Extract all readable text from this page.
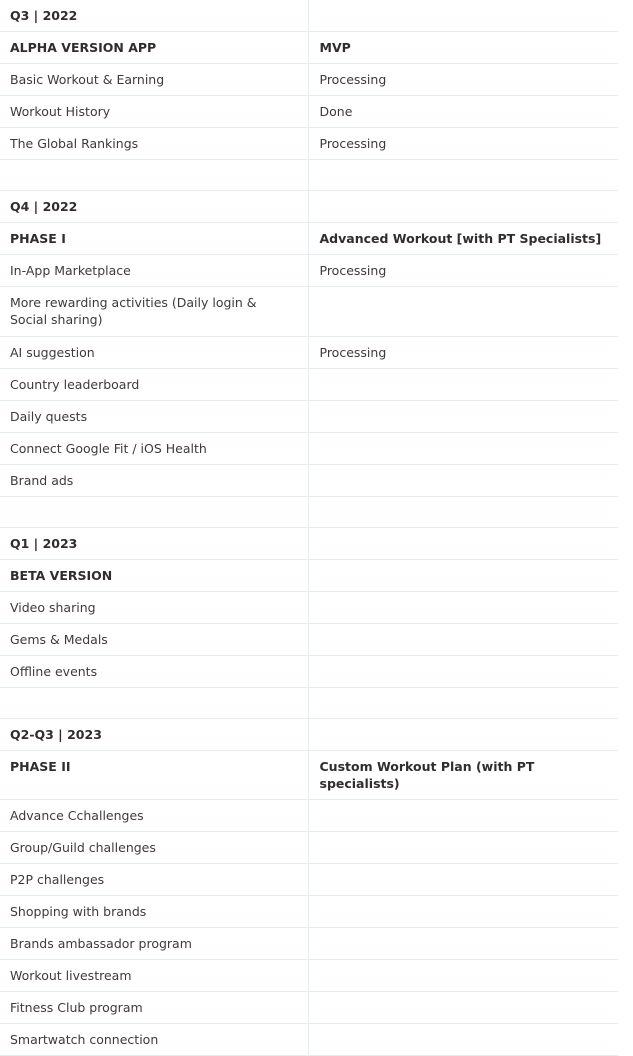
Q3 | 2022	

ALPHA VERSION APP	MVP

Basic Workout & Earning	Processing

Workout History	Done

The Global Rankings	Processing

Q4 | 2022	

PHASE I	Advanced Workout [with PT Specialists]

In-App Marketplace	Processing

More rewarding activities (Daily login & Social sharing)	

AI suggestion	Processing

Country leaderboard	

Daily quests	

Connect Google Fit / iOS Health	

Brand ads	

Q1 | 2023	

BETA VERSION	

Video sharing	

Gems & Medals	

Offline events	

Q2-Q3 | 2023	

PHASE II	Custom Workout Plan (with PT specialists)

Advance Cchallenges	

Group/Guild challenges	

P2P challenges	

Shopping with brands	

Brands ambassador program	

Workout livestream	

Fitness Club program	

Smartwatch connection	
